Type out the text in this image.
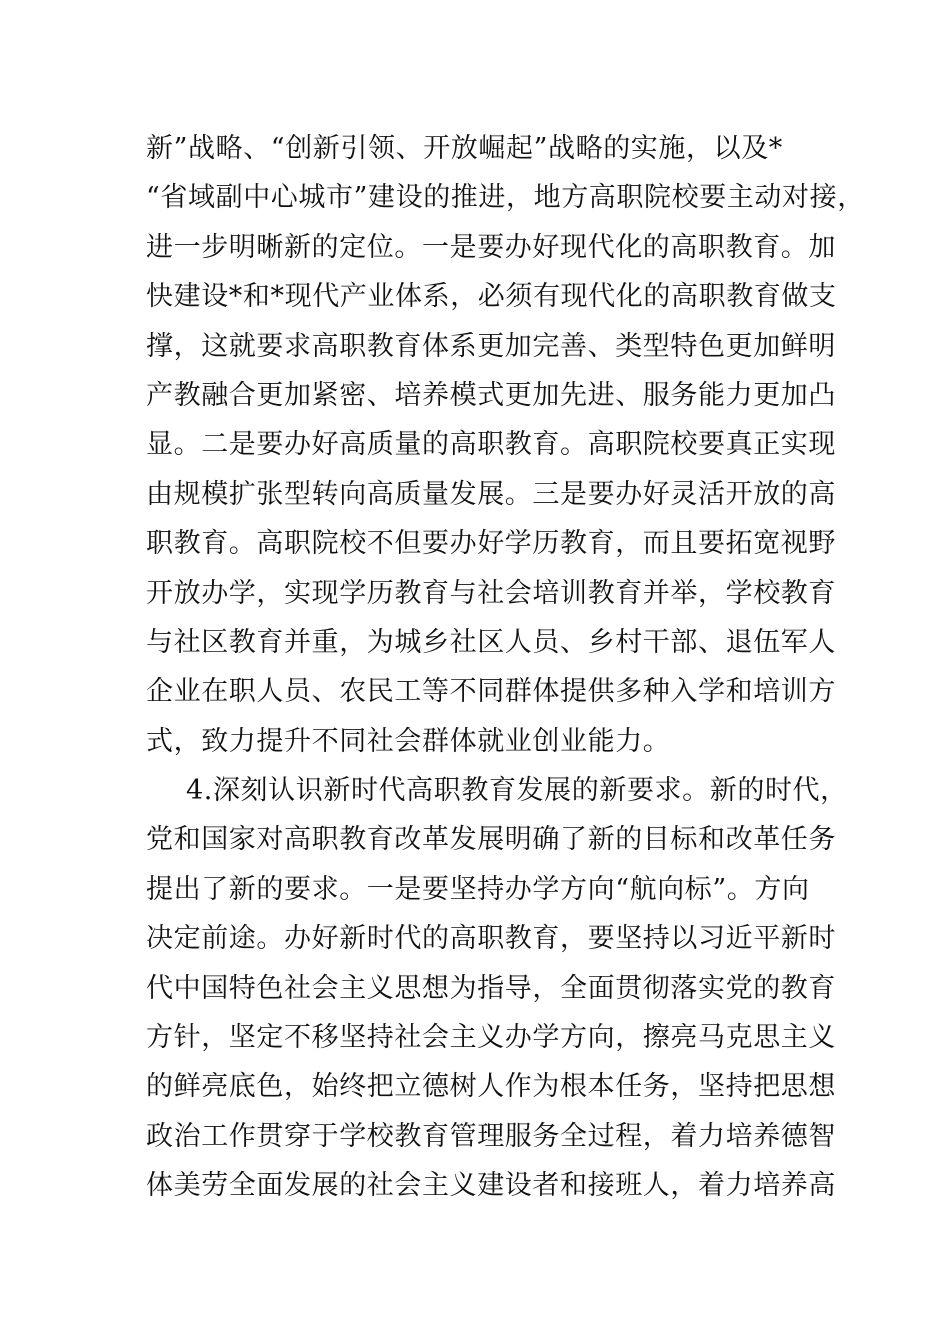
新”战略、“创新引领、开放崛起”战略的实施，以及*
“省域副中心城市”建设的推进，地方高职院校要主动对接，
进一步明晰新的定位。一是要办好现代化的高职教育。加
快建设*和*现代产业体系，必须有现代化的高职教育做支
撑，这就要求高职教育体系更加完善、类型特色更加鲜明
产教融合更加紧密、培养模式更加先进、服务能力更加凸
显。二是要办好高质量的高职教育。高职院校要真正实现
由规模扩张型转向高质量发展。三是要办好灵活开放的高
职教育。高职院校不但要办好学历教育，而且要拓宽视野
开放办学，实现学历教育与社会培训教育并举，学校教育
与社区教育并重，为城乡社区人员、乡村干部、退伍军人
企业在职人员、农民工等不同群体提供多种入学和培训方
式，致力提升不同社会群体就业创业能力。
4.深刻认识新时代高职教育发展的新要求。新的时代，
党和国家对高职教育改革发展明确了新的目标和改革任务
提出了新的要求。一是要坚持办学方向“航向标”。方向
决定前途。办好新时代的高职教育，要坚持以习近平新时
代中国特色社会主义思想为指导，全面贯彻落实党的教育
方针，坚定不移坚持社会主义办学方向，擦亮马克思主义
的鲜亮底色，始终把立德树人作为根本任务，坚持把思想
政治工作贯穿于学校教育管理服务全过程，着力培养德智
体美劳全面发展的社会主义建设者和接班人，着力培养高
